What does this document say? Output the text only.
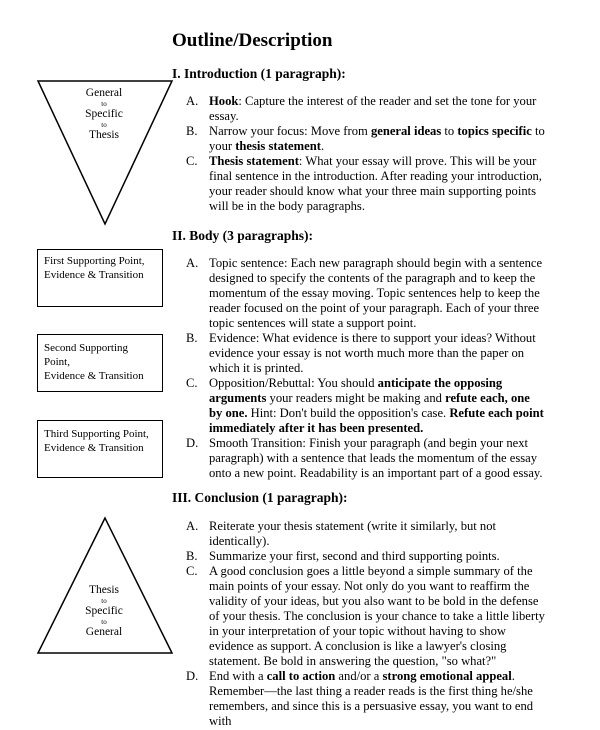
Outline/Description
General
to
Specific
to
Thesis
First Supporting Point,
Evidence & Transition
Second Supporting Point,
Evidence & Transition
Third Supporting Point,
Evidence & Transition
Thesis
to
Specific
to
General
I. Introduction (1 paragraph):
A. Hook: Capture the interest of the reader and set the tone for your essay.
B. Narrow your focus: Move from general ideas to topics specific to your thesis statement.
C. Thesis statement: What your essay will prove. This will be your final sentence in the introduction. After reading your introduction, your reader should know what your three main supporting points will be in the body paragraphs.
II. Body (3 paragraphs):
A. Topic sentence: Each new paragraph should begin with a sentence designed to specify the contents of the paragraph and to keep the momentum of the essay moving. Topic sentences help to keep the reader focused on the point of your paragraph. Each of your three topic sentences will state a support point.
B. Evidence: What evidence is there to support your ideas? Without evidence your essay is not worth much more than the paper on which it is printed.
C. Opposition/Rebuttal: You should anticipate the opposing arguments your readers might be making and refute each, one by one. Hint: Don't build the opposition's case. Refute each point immediately after it has been presented.
D. Smooth Transition: Finish your paragraph (and begin your next paragraph) with a sentence that leads the momentum of the essay onto a new point. Readability is an important part of a good essay.
III. Conclusion (1 paragraph):
A. Reiterate your thesis statement (write it similarly, but not identically).
B. Summarize your first, second and third supporting points.
C. A good conclusion goes a little beyond a simple summary of the main points of your essay. Not only do you want to reaffirm the validity of your ideas, but you also want to be bold in the defense of your thesis. The conclusion is your chance to take a little liberty in your interpretation of your topic without having to show evidence as support. A conclusion is like a lawyer's closing statement. Be bold in answering the question, "so what?"
D. End with a call to action and/or a strong emotional appeal. Remember—the last thing a reader reads is the first thing he/she remembers, and since this is a persuasive essay, you want to end with
